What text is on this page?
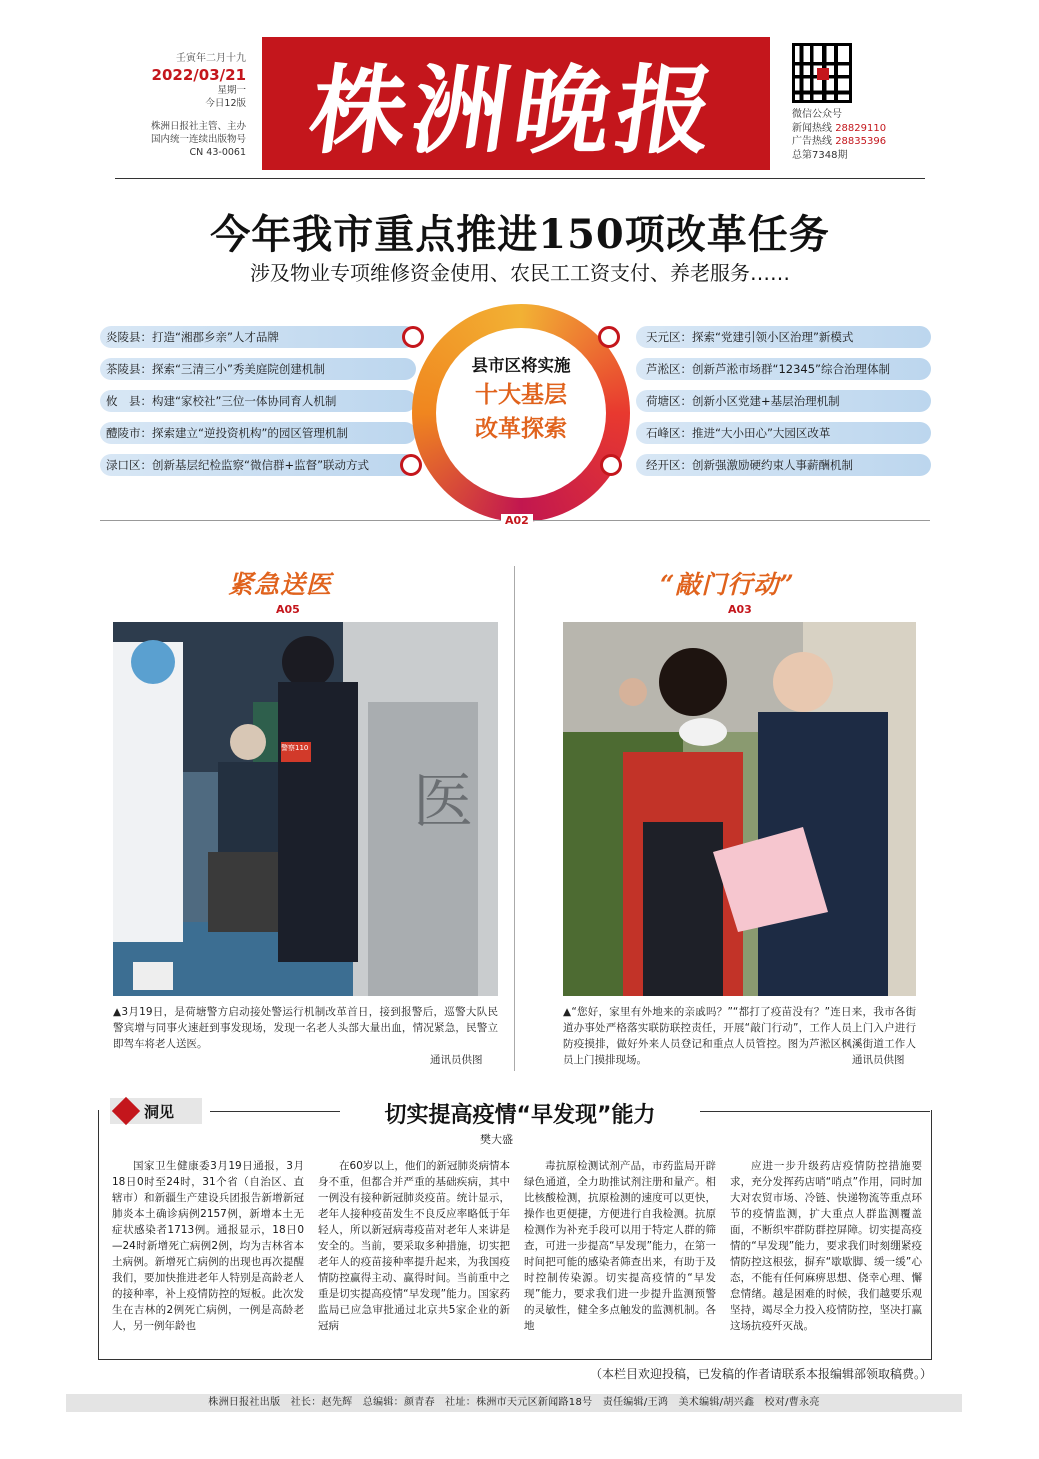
壬寅年二月十九
2022/03/21
星期一
今日12版
株洲日报社主管、主办
国内统一连续出版物号
CN 43-0061 株洲晚报	微信公众号
新闻热线 28829110
广告热线 28835396
总第7348期
今年我市重点推进150项改革任务
涉及物业专项维修资金使用、农民工工资支付、养老服务……
炎陵县：打造“湘郡乡亲”人才品牌
茶陵县：探索“三清三小”秀美庭院创建机制
攸　县：构建“家校社”三位一体协同育人机制
醴陵市：探索建立“逆投资机构”的园区管理机制
渌口区：创新基层纪检监察“微信群+监督”联动方式
天元区：探索“党建引领小区治理”新模式
芦淞区：创新芦淞市场群“12345”综合治理体制
荷塘区：创新小区党建+基层治理机制
石峰区：推进“大小田心”大园区改革
经开区：创新强激励硬约束人事薪酬机制
县市区将实施
十大基层
改革探索
A02
紧急送医
A05
医
警察110
▲3月19日，是荷塘警方启动接处警运行机制改革首日，接到报警后，巡警大队民警宾增与同事火速赶到事发现场，发现一名老人头部大量出血，情况紧急，民警立即驾车将老人送医。
通讯员供图
“敲门行动”
A03
▲“您好，家里有外地来的亲戚吗？”“都打了疫苗没有？”连日来，我市各街道办事处严格落实联防联控责任，开展“敲门行动”，工作人员上门入户进行防疫摸排，做好外来人员登记和重点人员管控。图为芦淞区枫溪街道工作人员上门摸排现场。	通讯员供图
洞见	切实提高疫情“早发现”能力
樊大盛

国家卫生健康委3月19日通报，3月18日0时至24时，31个省（自治区、直辖市）和新疆生产建设兵团报告新增新冠肺炎本土确诊病例2157例，新增本土无症状感染者1713例。通报显示，18日0—24时新增死亡病例2例，均为吉林省本土病例。新增死亡病例的出现也再次提醒我们，要加快推进老年人特别是高龄老人的接种率，补上疫情防控的短板。此次发生在吉林的2例死亡病例，一例是高龄老人，另一例年龄也

在60岁以上，他们的新冠肺炎病情本身不重，但都合并严重的基础疾病，其中一例没有接种新冠肺炎疫苗。统计显示，老年人接种疫苗发生不良反应率略低于年轻人，所以新冠病毒疫苗对老年人来讲是安全的。当前，要采取多种措施，切实把老年人的疫苗接种率提升起来，为我国疫情防控赢得主动、赢得时间。当前重中之重是切实提高疫情“早发现”能力。国家药监局已应急审批通过北京共5家企业的新冠病

毒抗原检测试剂产品，市药监局开辟绿色通道，全力助推试剂注册和量产。相比核酸检测，抗原检测的速度可以更快，操作也更便捷，方便进行自我检测。抗原检测作为补充手段可以用于特定人群的筛查，可进一步提高“早发现”能力，在第一时间把可能的感染者筛查出来，有助于及时控制传染源。切实提高疫情的“早发现”能力，要求我们进一步提升监测预警的灵敏性，健全多点触发的监测机制。各地

应进一步升级药店疫情防控措施要求，充分发挥药店哨“哨点”作用，同时加大对农贸市场、冷链、快递物流等重点环节的疫情监测，扩大重点人群监测覆盖面，不断织牢群防群控屏障。切实提高疫情的“早发现”能力，要求我们时刻绷紧疫情防控这根弦，摒弃“歇歇脚、缓一缓”心态，不能有任何麻痹思想、侥幸心理、懈怠情绪。越是困难的时候，我们越要乐观坚持，竭尽全力投入疫情防控，坚决打赢这场抗疫歼灭战。

（本栏目欢迎投稿，已发稿的作者请联系本报编辑部领取稿费。）
株洲日报社出版　社长：赵先辉　总编辑：颜青春　社址：株洲市天元区新闻路18号　责任编辑/王鸿　美术编辑/胡兴鑫　校对/曹永亮
